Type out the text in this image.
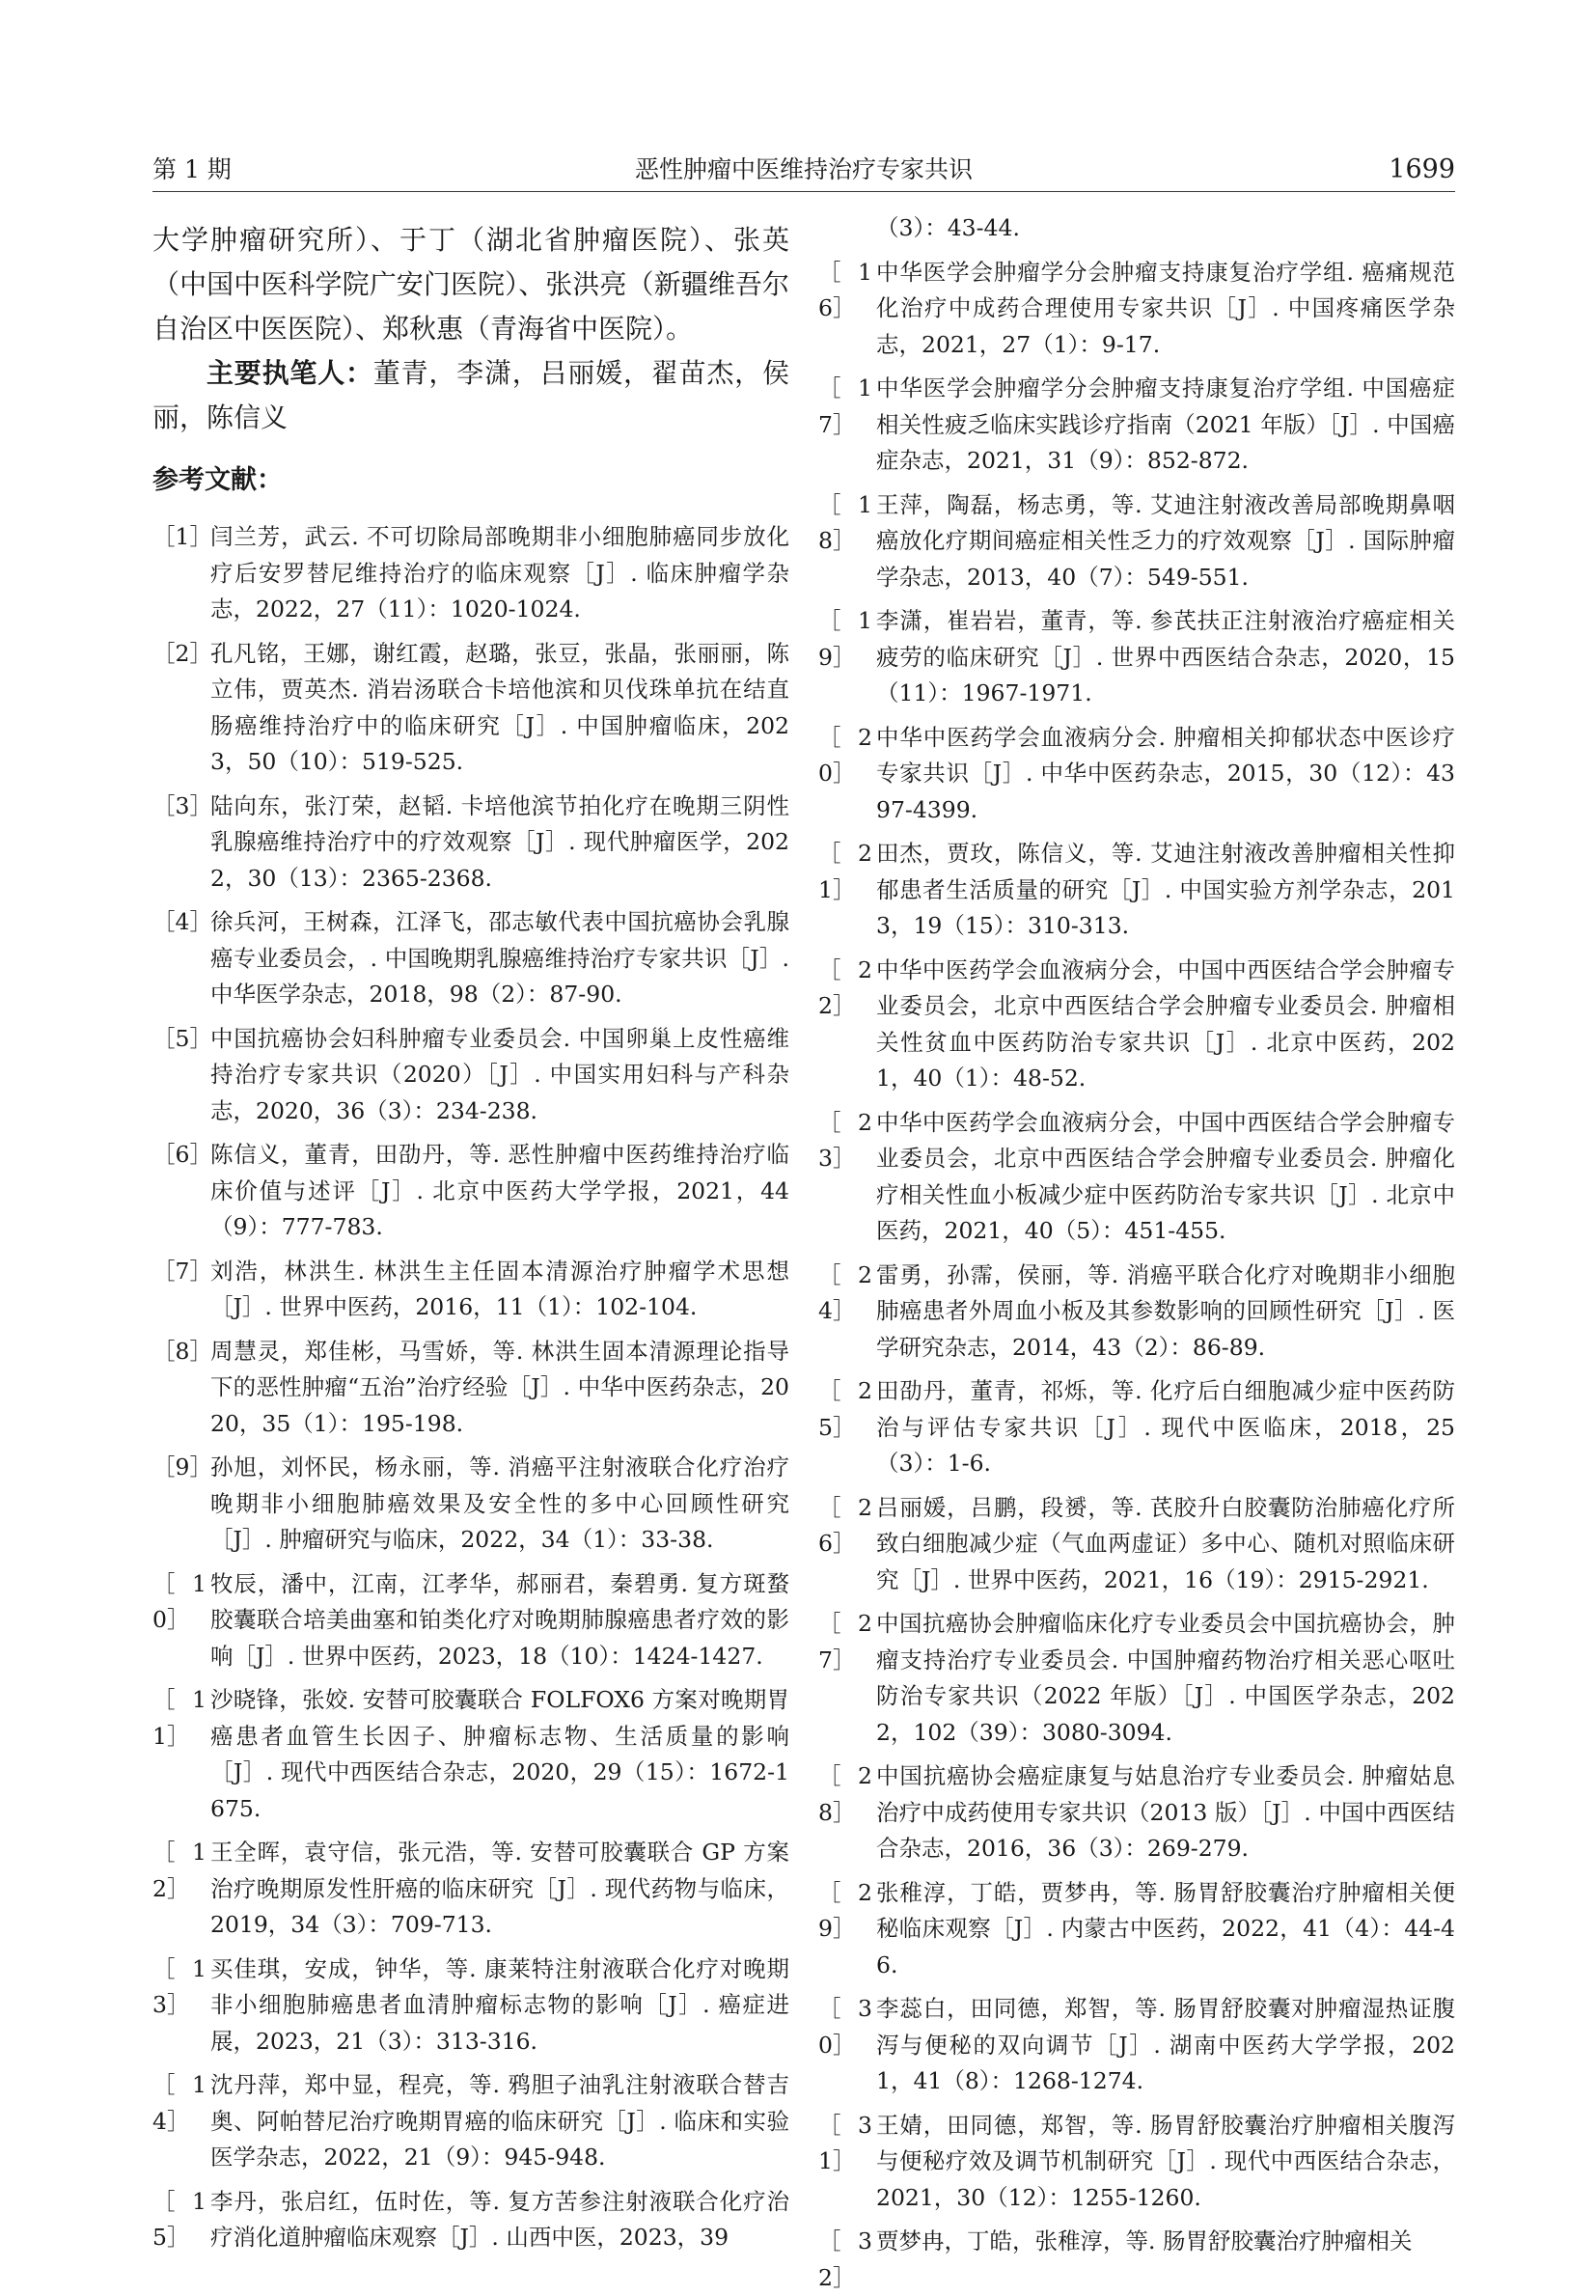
第 1 期	恶性肿瘤中医维持治疗专家共识	1699

大学肿瘤研究所）、于丁（湖北省肿瘤医院）、张英（中国中医科学院广安门医院）、张洪亮（新疆维吾尔自治区中医医院）、郑秋惠（青海省中医院）。

主要执笔人：董青，李潇，吕丽媛，翟苗杰，侯丽，陈信义

参考文献：

［1］
闫兰芳，武云. 不可切除局部晚期非小细胞肺癌同步放化疗后安罗替尼维持治疗的临床观察［J］. 临床肿瘤学杂志，2022，27（11）：1020-1024.

［2］
孔凡铭，王娜，谢红霞，赵璐，张豆，张晶，张丽丽，陈立伟，贾英杰. 消岩汤联合卡培他滨和贝伐珠单抗在结直肠癌维持治疗中的临床研究［J］. 中国肿瘤临床，2023，50（10）：519-525.

［3］
陆向东，张汀荣，赵韬. 卡培他滨节拍化疗在晚期三阴性乳腺癌维持治疗中的疗效观察［J］. 现代肿瘤医学，2022，30（13）：2365-2368.

［4］
徐兵河，王树森，江泽飞，邵志敏代表中国抗癌协会乳腺癌专业委员会，. 中国晚期乳腺癌维持治疗专家共识［J］. 中华医学杂志，2018，98（2）：87-90.

［5］
中国抗癌协会妇科肿瘤专业委员会. 中国卵巢上皮性癌维持治疗专家共识（2020）［J］. 中国实用妇科与产科杂志，2020，36（3）：234-238.

［6］
陈信义，董青，田劭丹，等. 恶性肿瘤中医药维持治疗临床价值与述评［J］. 北京中医药大学学报，2021，44（9）：777-783.

［7］
刘浩，林洪生. 林洪生主任固本清源治疗肿瘤学术思想［J］. 世界中医药，2016，11（1）：102-104.

［8］
周慧灵，郑佳彬，马雪娇，等. 林洪生固本清源理论指导下的恶性肿瘤“五治”治疗经验［J］. 中华中医药杂志，2020，35（1）：195-198.

［9］
孙旭，刘怀民，杨永丽，等. 消癌平注射液联合化疗治疗晚期非小细胞肺癌效果及安全性的多中心回顾性研究［J］. 肿瘤研究与临床，2022，34（1）：33-38.

［10］
牧辰，潘中，江南，江孝华，郝丽君，秦碧勇. 复方斑蝥胶囊联合培美曲塞和铂类化疗对晚期肺腺癌患者疗效的影响［J］. 世界中医药，2023，18（10）：1424-1427.

［11］
沙晓锋，张姣. 安替可胶囊联合 FOLFOX6 方案对晚期胃癌患者血管生长因子、肿瘤标志物、生活质量的影响［J］. 现代中西医结合杂志，2020，29（15）：1672-1675.

［12］
王全晖，袁守信，张元浩，等. 安替可胶囊联合 GP 方案治疗晚期原发性肝癌的临床研究［J］. 现代药物与临床，2019，34（3）：709-713.

［13］
买佳琪，安成，钟华，等. 康莱特注射液联合化疗对晚期非小细胞肺癌患者血清肿瘤标志物的影响［J］. 癌症进展，2023，21（3）：313-316.

［14］
沈丹萍，郑中显，程亮，等. 鸦胆子油乳注射液联合替吉奥、阿帕替尼治疗晚期胃癌的临床研究［J］. 临床和实验医学杂志，2022，21（9）：945-948.

［15］
李丹，张启红，伍时佐，等. 复方苦参注射液联合化疗治疗消化道肿瘤临床观察［J］. 山西中医，2023，39

（3）：43-44.

［16］
中华医学会肿瘤学分会肿瘤支持康复治疗学组. 癌痛规范化治疗中成药合理使用专家共识［J］. 中国疼痛医学杂志，2021，27（1）：9-17.

［17］
中华医学会肿瘤学分会肿瘤支持康复治疗学组. 中国癌症相关性疲乏临床实践诊疗指南（2021 年版）［J］. 中国癌症杂志，2021，31（9）：852-872.

［18］
王萍，陶磊，杨志勇，等. 艾迪注射液改善局部晚期鼻咽癌放化疗期间癌症相关性乏力的疗效观察［J］. 国际肿瘤学杂志，2013，40（7）：549-551.

［19］
李潇，崔岩岩，董青，等. 参芪扶正注射液治疗癌症相关疲劳的临床研究［J］. 世界中西医结合杂志，2020，15（11）：1967-1971.

［20］
中华中医药学会血液病分会. 肿瘤相关抑郁状态中医诊疗专家共识［J］. 中华中医药杂志，2015，30（12）：4397-4399.

［21］
田杰，贾玫，陈信义，等. 艾迪注射液改善肿瘤相关性抑郁患者生活质量的研究［J］. 中国实验方剂学杂志，2013，19（15）：310-313.

［22］
中华中医药学会血液病分会，中国中西医结合学会肿瘤专业委员会，北京中西医结合学会肿瘤专业委员会. 肿瘤相关性贫血中医药防治专家共识［J］. 北京中医药，2021，40（1）：48-52.

［23］
中华中医药学会血液病分会，中国中西医结合学会肿瘤专业委员会，北京中西医结合学会肿瘤专业委员会. 肿瘤化疗相关性血小板减少症中医药防治专家共识［J］. 北京中医药，2021，40（5）：451-455.

［24］
雷勇，孙霈，侯丽，等. 消癌平联合化疗对晚期非小细胞肺癌患者外周血小板及其参数影响的回顾性研究［J］. 医学研究杂志，2014，43（2）：86-89.

［25］
田劭丹，董青，祁烁，等. 化疗后白细胞减少症中医药防治与评估专家共识［J］. 现代中医临床，2018，25（3）：1-6.

［26］
吕丽媛，吕鹏，段赟，等. 芪胶升白胶囊防治肺癌化疗所致白细胞减少症（气血两虚证）多中心、随机对照临床研究［J］. 世界中医药，2021，16（19）：2915-2921.

［27］
中国抗癌协会肿瘤临床化疗专业委员会中国抗癌协会，肿瘤支持治疗专业委员会. 中国肿瘤药物治疗相关恶心呕吐防治专家共识（2022 年版）［J］. 中国医学杂志，2022，102（39）：3080-3094.

［28］
中国抗癌协会癌症康复与姑息治疗专业委员会. 肿瘤姑息治疗中成药使用专家共识（2013 版）［J］. 中国中西医结合杂志，2016，36（3）：269-279.

［29］
张稚淳，丁皓，贾梦冉，等. 肠胃舒胶囊治疗肿瘤相关便秘临床观察［J］. 内蒙古中医药，2022，41（4）：44-46.

［30］
李蕊白，田同德，郑智，等. 肠胃舒胶囊对肿瘤湿热证腹泻与便秘的双向调节［J］. 湖南中医药大学学报，2021，41（8）：1268-1274.

［31］
王婧，田同德，郑智，等. 肠胃舒胶囊治疗肿瘤相关腹泻与便秘疗效及调节机制研究［J］. 现代中西医结合杂志，2021，30（12）：1255-1260.

［32］
贾梦冉，丁皓，张稚淳，等. 肠胃舒胶囊治疗肿瘤相关
